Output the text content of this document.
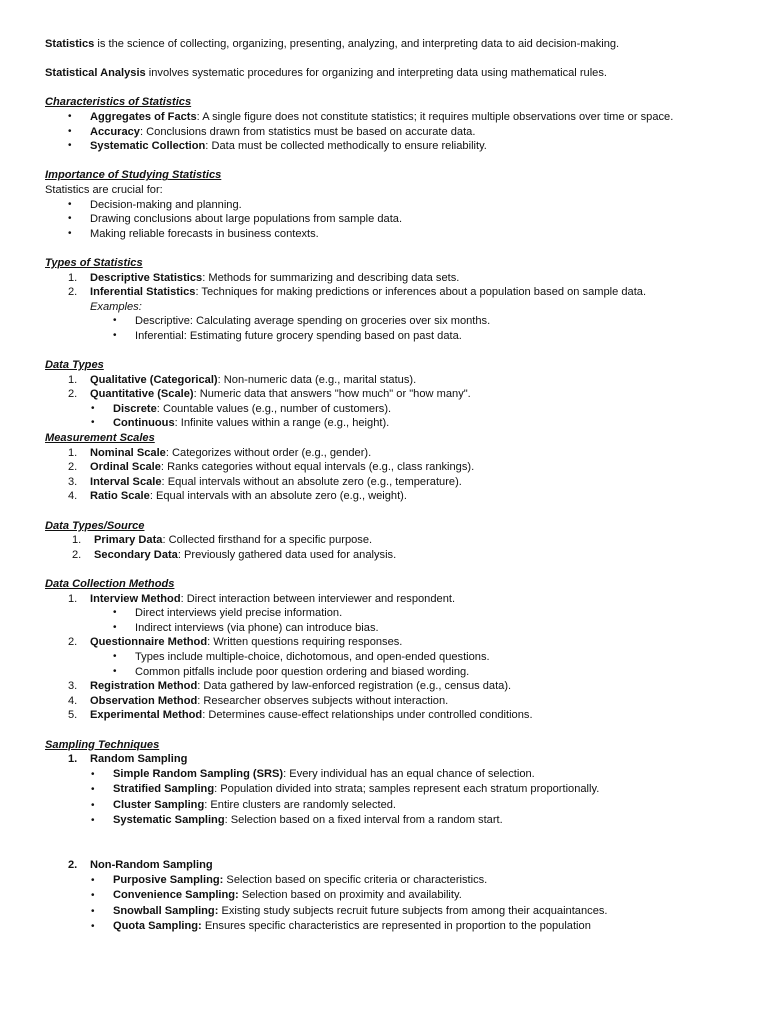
Statistics is the science of collecting, organizing, presenting, analyzing, and interpreting data to aid decision-making.

Statistical Analysis involves systematic procedures for organizing and interpreting data using mathematical rules.

Characteristics of Statistics

• Aggregates of Facts: A single figure does not constitute statistics; it requires multiple observations over time or space.
• Accuracy: Conclusions drawn from statistics must be based on accurate data.
• Systematic Collection: Data must be collected methodically to ensure reliability.

Importance of Studying Statistics

Statistics are crucial for:

• Decision-making and planning.
• Drawing conclusions about large populations from sample data.
• Making reliable forecasts in business contexts.

Types of Statistics

1. Descriptive Statistics: Methods for summarizing and describing data sets.
2. Inferential Statistics: Techniques for making predictions or inferences about a population based on sample data.

Examples:

• Descriptive: Calculating average spending on groceries over six months.
• Inferential: Estimating future grocery spending based on past data.

Data Types

1. Qualitative (Categorical): Non-numeric data (e.g., marital status).
2. Quantitative (Scale): Numeric data that answers "how much" or "how many".
• Discrete: Countable values (e.g., number of customers).
• Continuous: Infinite values within a range (e.g., height).

Measurement Scales

1. Nominal Scale: Categorizes without order (e.g., gender).
2. Ordinal Scale: Ranks categories without equal intervals (e.g., class rankings).
3. Interval Scale: Equal intervals without an absolute zero (e.g., temperature).
4. Ratio Scale: Equal intervals with an absolute zero (e.g., weight).

Data Types/Source

1. Primary Data: Collected firsthand for a specific purpose.
2. Secondary Data: Previously gathered data used for analysis.

Data Collection Methods

1. Interview Method: Direct interaction between interviewer and respondent.
• Direct interviews yield precise information.
• Indirect interviews (via phone) can introduce bias.
2. Questionnaire Method: Written questions requiring responses.
• Types include multiple-choice, dichotomous, and open-ended questions.
• Common pitfalls include poor question ordering and biased wording.
3. Registration Method: Data gathered by law-enforced registration (e.g., census data).
4. Observation Method: Researcher observes subjects without interaction.
5. Experimental Method: Determines cause-effect relationships under controlled conditions.

Sampling Techniques

1. Random Sampling
• Simple Random Sampling (SRS): Every individual has an equal chance of selection.
• Stratified Sampling: Population divided into strata; samples represent each stratum proportionally.
• Cluster Sampling: Entire clusters are randomly selected.
• Systematic Sampling: Selection based on a fixed interval from a random start.
2. Non-Random Sampling
• Purposive Sampling: Selection based on specific criteria or characteristics.
• Convenience Sampling: Selection based on proximity and availability.
• Snowball Sampling: Existing study subjects recruit future subjects from among their acquaintances.
• Quota Sampling: Ensures specific characteristics are represented in proportion to the population
